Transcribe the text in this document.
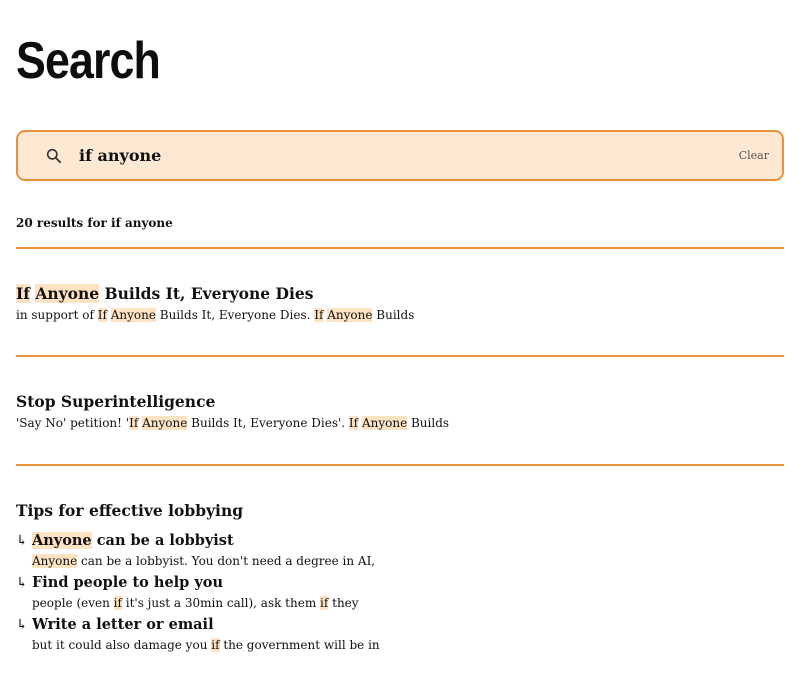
Search
if anyone
Clear
20 results for if anyone
If Anyone Builds It, Everyone Dies
in support of If Anyone Builds It, Everyone Dies. If Anyone Builds
Stop Superintelligence
'Say No' petition! 'If Anyone Builds It, Everyone Dies'. If Anyone Builds
Tips for effective lobbying
↳ Anyone can be a lobbyist
Anyone can be a lobbyist. You don't need a degree in AI,
↳ Find people to help you
people (even if it's just a 30min call), ask them if they
↳ Write a letter or email
but it could also damage you if the government will be in
